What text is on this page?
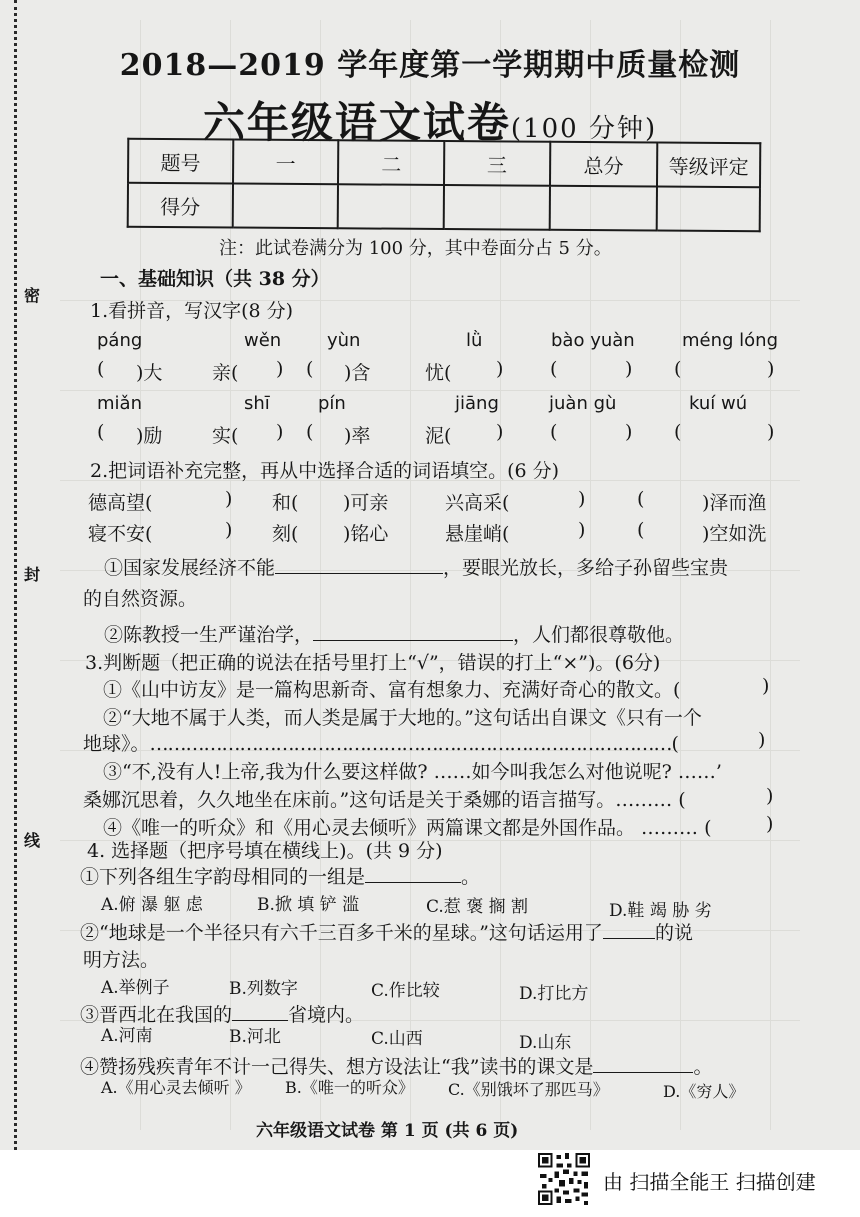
密
封
线
2018—2019 学年度第一学期期中质量检测
六年级语文试卷(100 分钟)
题号	一	二	三	总分	等级评定
得分					
注：此试卷满分为 100 分，其中卷面分占 5 分。
一、基础知识（共 38 分）
1.看拼音，写汉字(8 分)
páng	wěn	yùn	lǜ	bào yuàn	méng lóng
( )大	亲( ) ( )含	忧( ) (	) (	)
miǎn	shī	pín	jiāng	juàn gù	kuí wú
( )励	实( ) ( )率	泥( ) (	) (	)
2.把词语补充完整，再从中选择合适的词语填空。(6 分)
德高望(	) 和( )可亲	兴高采(	)	(	)泽而渔
寝不安(	) 刻( )铭心	悬崖峭(	)	(	)空如洗
①国家发展经济不能	，要眼光放长，多给子孙留些宝贵
的自然资源。
②陈教授一生严谨治学，	，人们都很尊敬他。
3.判断题（把正确的说法在括号里打上“√”，错误的打上“×”)。(6分)
①《山中访友》是一篇构思新奇、富有想象力、充满好奇心的散文。(	)
②“大地不属于人类，而人类是属于大地的。”这句话出自课文《只有一个
地球》。……………………………………………………………………………(	)
③“不,没有人!上帝,我为什么要这样做? ……如今叫我怎么对他说呢? ……’
桑娜沉思着，久久地坐在床前。”这句话是关于桑娜的语言描写。……… (	)
④《唯一的听众》和《用心灵去倾听》两篇课文都是外国作品。 ……… (	)
4. 选择题（把序号填在横线上)。(共 9 分)
①下列各组生字韵母相同的一组是	。
A.俯 瀑 躯 虑	B.掀 填 铲 滥	C.惹 褒 搁 割	D.鞋 竭 胁 劣
②“地球是一个半径只有六千三百多千米的星球。”这句话运用了	的说
明方法。
A.举例子	B.列数字	C.作比较	D.打比方
③晋西北在我国的	省境内。
A.河南	B.河北	C.山西	D.山东
④赞扬残疾青年不计一己得失、想方设法让“我”读书的课文是	。
A.《用心灵去倾听 》 B.《唯一的听众》 C.《别饿坏了那匹马》	D.《穷人》
六年级语文试卷 第 1 页 (共 6 页)
由 扫描全能王 扫描创建
